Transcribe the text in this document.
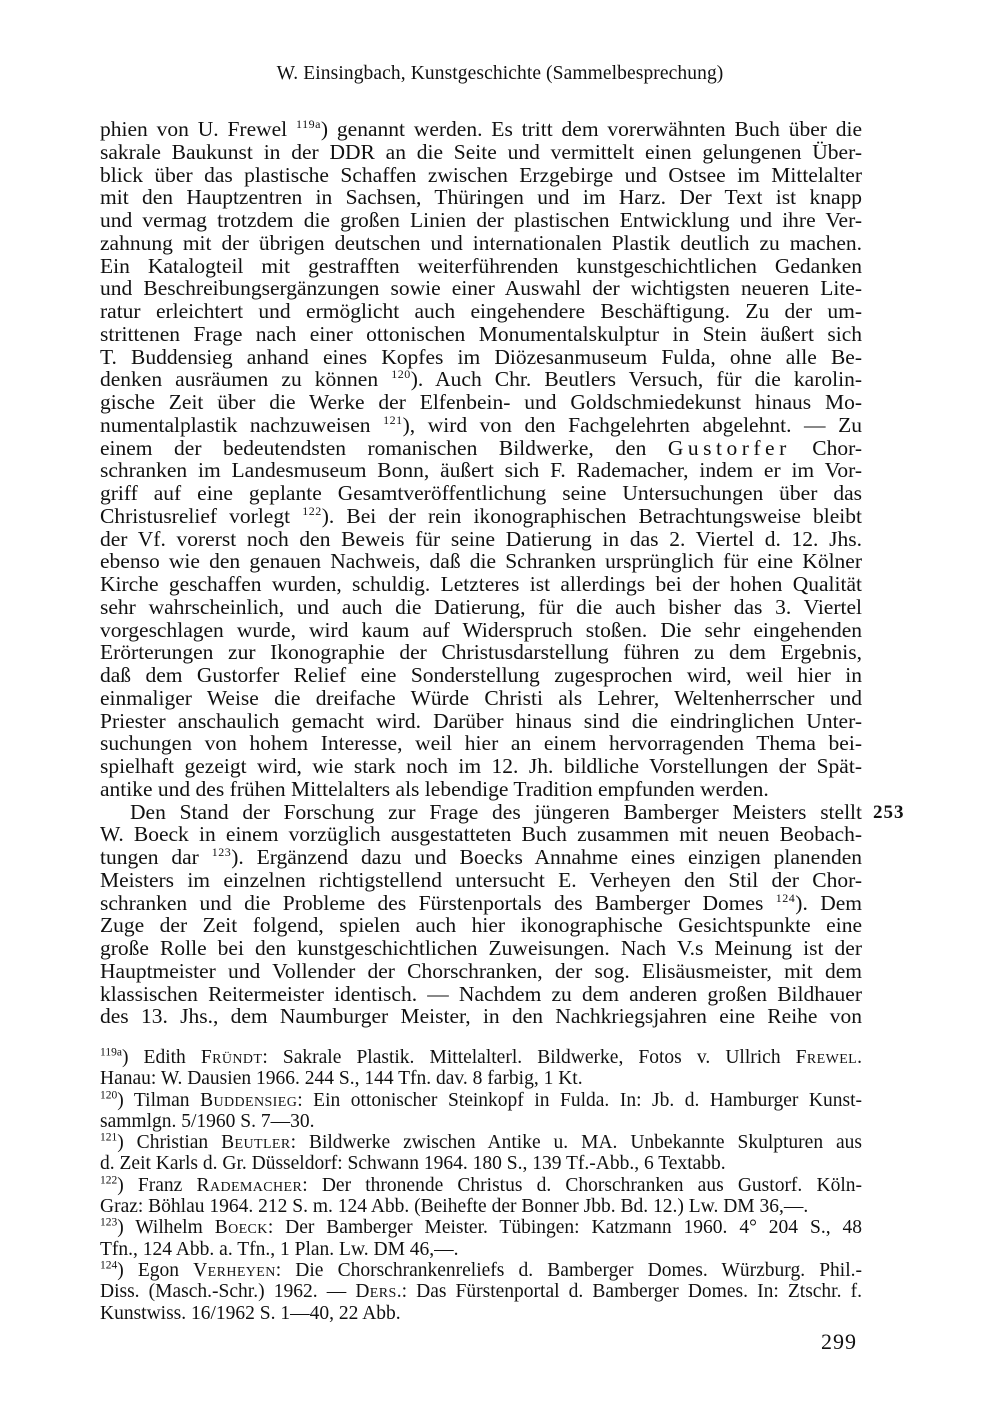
W. Einsingbach, Kunstgeschichte (Sammelbesprechung)
phien von U. Frewel $^{119a}$) genannt werden. Es tritt dem vorerwähnten Buch über die
sakrale Baukunst in der DDR an die Seite und vermittelt einen gelungenen Über-
blick über das plastische Schaffen zwischen Erzgebirge und Ostsee im Mittelalter
mit den Hauptzentren in Sachsen, Thüringen und im Harz. Der Text ist knapp
und vermag trotzdem die großen Linien der plastischen Entwicklung und ihre Ver-
zahnung mit der übrigen deutschen und internationalen Plastik deutlich zu machen.
Ein Katalogteil mit gestrafften weiterführenden kunstgeschichtlichen Gedanken
und Beschreibungsergänzungen sowie einer Auswahl der wichtigsten neueren Lite-
ratur erleichtert und ermöglicht auch eingehendere Beschäftigung. Zu der um-
strittenen Frage nach einer ottonischen Monumentalskulptur in Stein äußert sich
T. Buddensieg anhand eines Kopfes im Diözesanmuseum Fulda, ohne alle Be-
denken ausräumen zu können $^{120}$). Auch Chr. Beutlers Versuch, für die karolin-
gische Zeit über die Werke der Elfenbein- und Goldschmiedekunst hinaus Mo-
numentalplastik nachzuweisen $^{121}$), wird von den Fachgelehrten abgelehnt. — Zu
einem der bedeutendsten romanischen Bildwerke, den Gustorfer Chor-
schranken im Landesmuseum Bonn, äußert sich F. Rademacher, indem er im Vor-
griff auf eine geplante Gesamtveröffentlichung seine Untersuchungen über das
Christusrelief vorlegt $^{122}$). Bei der rein ikonographischen Betrachtungsweise bleibt
der Vf. vorerst noch den Beweis für seine Datierung in das 2. Viertel d. 12. Jhs.
ebenso wie den genauen Nachweis, daß die Schranken ursprünglich für eine Kölner
Kirche geschaffen wurden, schuldig. Letzteres ist allerdings bei der hohen Qualität
sehr wahrscheinlich, und auch die Datierung, für die auch bisher das 3. Viertel
vorgeschlagen wurde, wird kaum auf Widerspruch stoßen. Die sehr eingehenden
Erörterungen zur Ikonographie der Christusdarstellung führen zu dem Ergebnis,
daß dem Gustorfer Relief eine Sonderstellung zugesprochen wird, weil hier in
einmaliger Weise die dreifache Würde Christi als Lehrer, Weltenherrscher und
Priester anschaulich gemacht wird. Darüber hinaus sind die eindringlichen Unter-
suchungen von hohem Interesse, weil hier an einem hervorragenden Thema bei-
spielhaft gezeigt wird, wie stark noch im 12. Jh. bildliche Vorstellungen der Spät-
antike und des frühen Mittelalters als lebendige Tradition empfunden werden.
Den Stand der Forschung zur Frage des jüngeren Bamberger Meisters stellt
W. Boeck in einem vorzüglich ausgestatteten Buch zusammen mit neuen Beobach-
tungen dar $^{123}$). Ergänzend dazu und Boecks Annahme eines einzigen planenden
Meisters im einzelnen richtigstellend untersucht E. Verheyen den Stil der Chor-
schranken und die Probleme des Fürstenportals des Bamberger Domes $^{124}$). Dem
Zuge der Zeit folgend, spielen auch hier ikonographische Gesichtspunkte eine
große Rolle bei den kunstgeschichtlichen Zuweisungen. Nach V.s Meinung ist der
Hauptmeister und Vollender der Chorschranken, der sog. Elisäusmeister, mit dem
klassischen Reitermeister identisch. — Nachdem zu dem anderen großen Bildhauer
des 13. Jhs., dem Naumburger Meister, in den Nachkriegsjahren eine Reihe von
253
$^{119a}$) Edith Fründt: Sakrale Plastik. Mittelalterl. Bildwerke, Fotos v. Ullrich Frewel.
Hanau: W. Dausien 1966. 244 S., 144 Tfn. dav. 8 farbig, 1 Kt.
$^{120}$) Tilman Buddensieg: Ein ottonischer Steinkopf in Fulda. In: Jb. d. Hamburger Kunst-
sammlgn. 5/1960 S. 7—30.
$^{121}$) Christian Beutler: Bildwerke zwischen Antike u. MA. Unbekannte Skulpturen aus
d. Zeit Karls d. Gr. Düsseldorf: Schwann 1964. 180 S., 139 Tf.-Abb., 6 Textabb.
$^{122}$) Franz Rademacher: Der thronende Christus d. Chorschranken aus Gustorf. Köln-
Graz: Böhlau 1964. 212 S. m. 124 Abb. (Beihefte der Bonner Jbb. Bd. 12.) Lw. DM 36,—.
$^{123}$) Wilhelm Boeck: Der Bamberger Meister. Tübingen: Katzmann 1960. 4° 204 S., 48
Tfn., 124 Abb. a. Tfn., 1 Plan. Lw. DM 46,—.
$^{124}$) Egon Verheyen: Die Chorschrankenreliefs d. Bamberger Domes. Würzburg. Phil.-
Diss. (Masch.-Schr.) 1962. — Ders.: Das Fürstenportal d. Bamberger Domes. In: Ztschr. f.
Kunstwiss. 16/1962 S. 1—40, 22 Abb.
299
